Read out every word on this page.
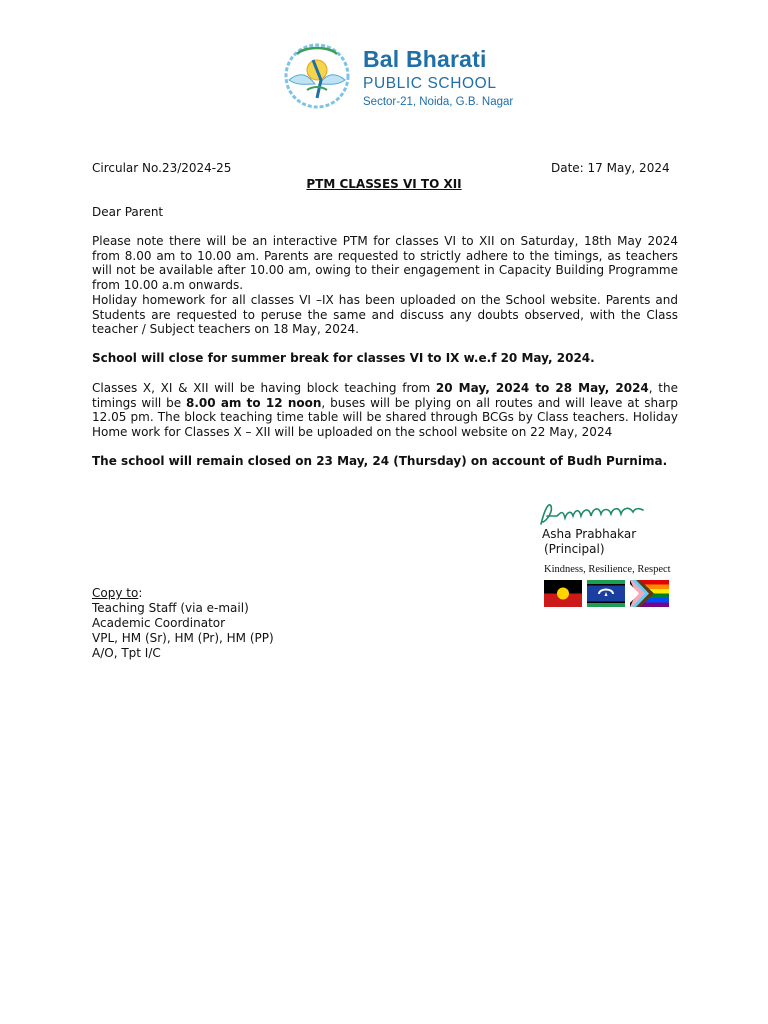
Bal Bharati
PUBLIC SCHOOL
Sector-21, Noida, G.B. Nagar
Circular No.23/2024-25	Date: 17 May, 2024
PTM CLASSES VI TO XII
Dear Parent
Please note there will be an interactive PTM for classes VI to XII on Saturday, 18th May 2024 from 8.00 am to 10.00 am. Parents are requested to strictly adhere to the timings, as teachers will not be available after 10.00 am, owing to their engagement in Capacity Building Programme from 10.00 a.m onwards.
Holiday homework for all classes VI –IX has been uploaded on the School website. Parents and Students are requested to peruse the same and discuss any doubts observed, with the Class teacher / Subject teachers on 18 May, 2024.
School will close for summer break for classes VI to IX w.e.f 20 May, 2024.
Classes X, XI & XII will be having block teaching from 20 May, 2024 to 28 May, 2024, the timings will be 8.00 am to 12 noon, buses will be plying on all routes and will leave at sharp 12.05 pm. The block teaching time table will be shared through BCGs by Class teachers. Holiday Home work for Classes X – XII will be uploaded on the school website on 22 May, 2024
The school will remain closed on 23 May, 24 (Thursday) on account of Budh Purnima.
Asha Prabhakar
(Principal)
Kindness, Resilience, Respect
Copy to:
Teaching Staff (via e-mail)
Academic Coordinator
VPL, HM (Sr), HM (Pr), HM (PP)
A/O, Tpt I/C
